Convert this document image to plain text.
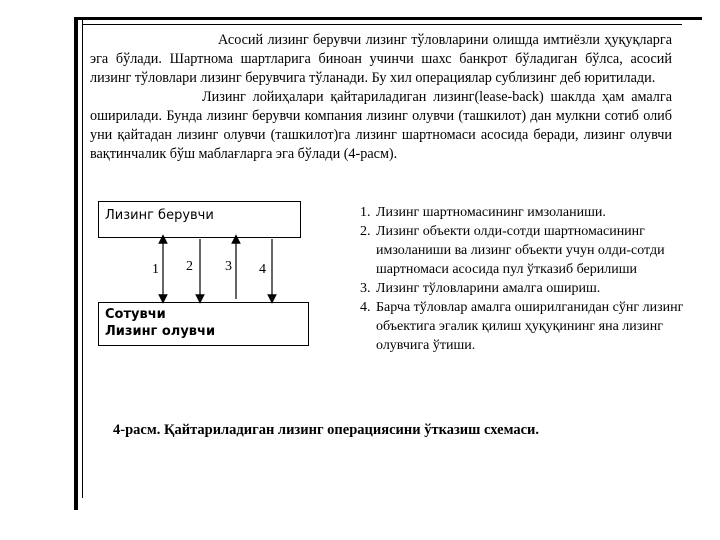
Асосий лизинг берувчи лизинг тўловларини олишда имтиёзли ҳуқуқларга эга бўлади. Шартнома шартларига биноан учинчи шахс банкрот бўладиган бўлса, асосий лизинг тўловлари лизинг берувчига тўланади. Бу хил операциялар сублизинг деб юритилади.

Лизинг лойиҳалари қайтариладиган лизинг(lease-back) шаклда ҳам амалга оширилади. Бунда лизинг берувчи компания лизинг олувчи (ташкилот) дан мулкни сотиб олиб уни қайтадан лизинг олувчи (ташкилот)га лизинг шартномаси асосида беради, лизинг олувчи вақтинчалик бўш маблағларга эга бўлади (4-расм).

Лизинг берувчи
Сотувчи
Лизинг олувчи
1 2 3 4
1. Лизинг шартномасининг имзоланиши.
2. Лизинг объекти олди-сотди шартномасининг имзоланиши ва лизинг объекти учун олди-сотди шартномаси асосида пул ўтказиб берилиши
3. Лизинг тўловларини амалга ошириш.
4. Барча тўловлар амалга оширилганидан сўнг лизинг объектига эгалик қилиш ҳуқуқининг яна лизинг олувчига ўтиши.
4-расм. Қайтариладиган лизинг операциясини ўтказиш схемаси.
